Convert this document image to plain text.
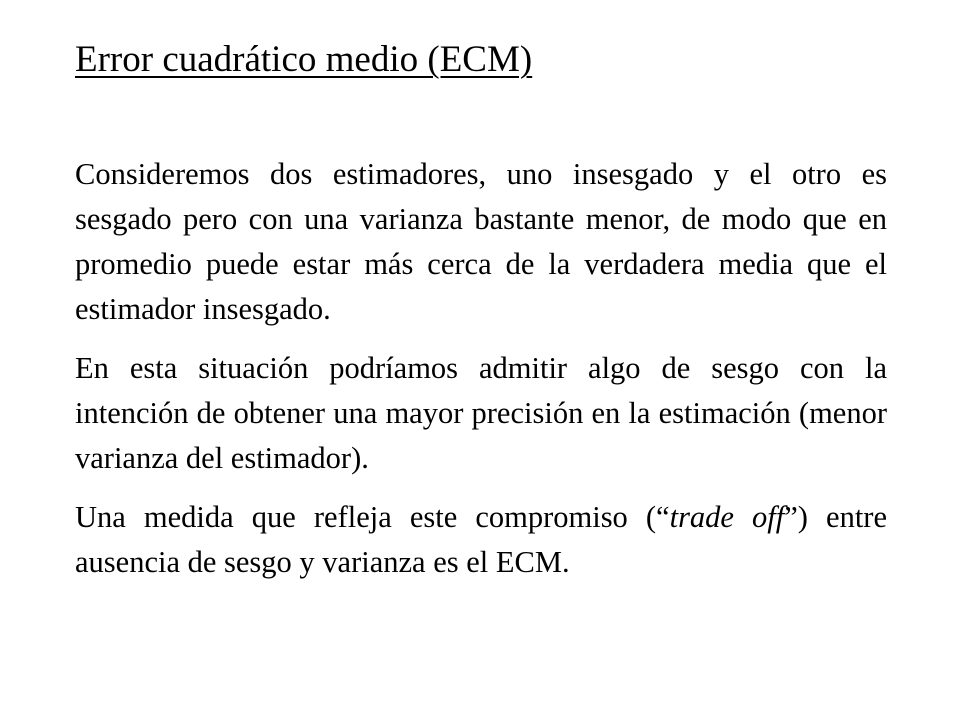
Error cuadrático medio (ECM)

Consideremos dos estimadores, uno insesgado y el otro es sesgado pero con una varianza bastante menor, de modo que en promedio puede estar más cerca de la verdadera media que el estimador insesgado.

En esta situación podríamos admitir algo de sesgo con la intención de obtener una mayor precisión en la estimación (menor varianza del estimador).

Una medida que refleja este compromiso (“trade off”) entre ausencia de sesgo y varianza es el ECM.
